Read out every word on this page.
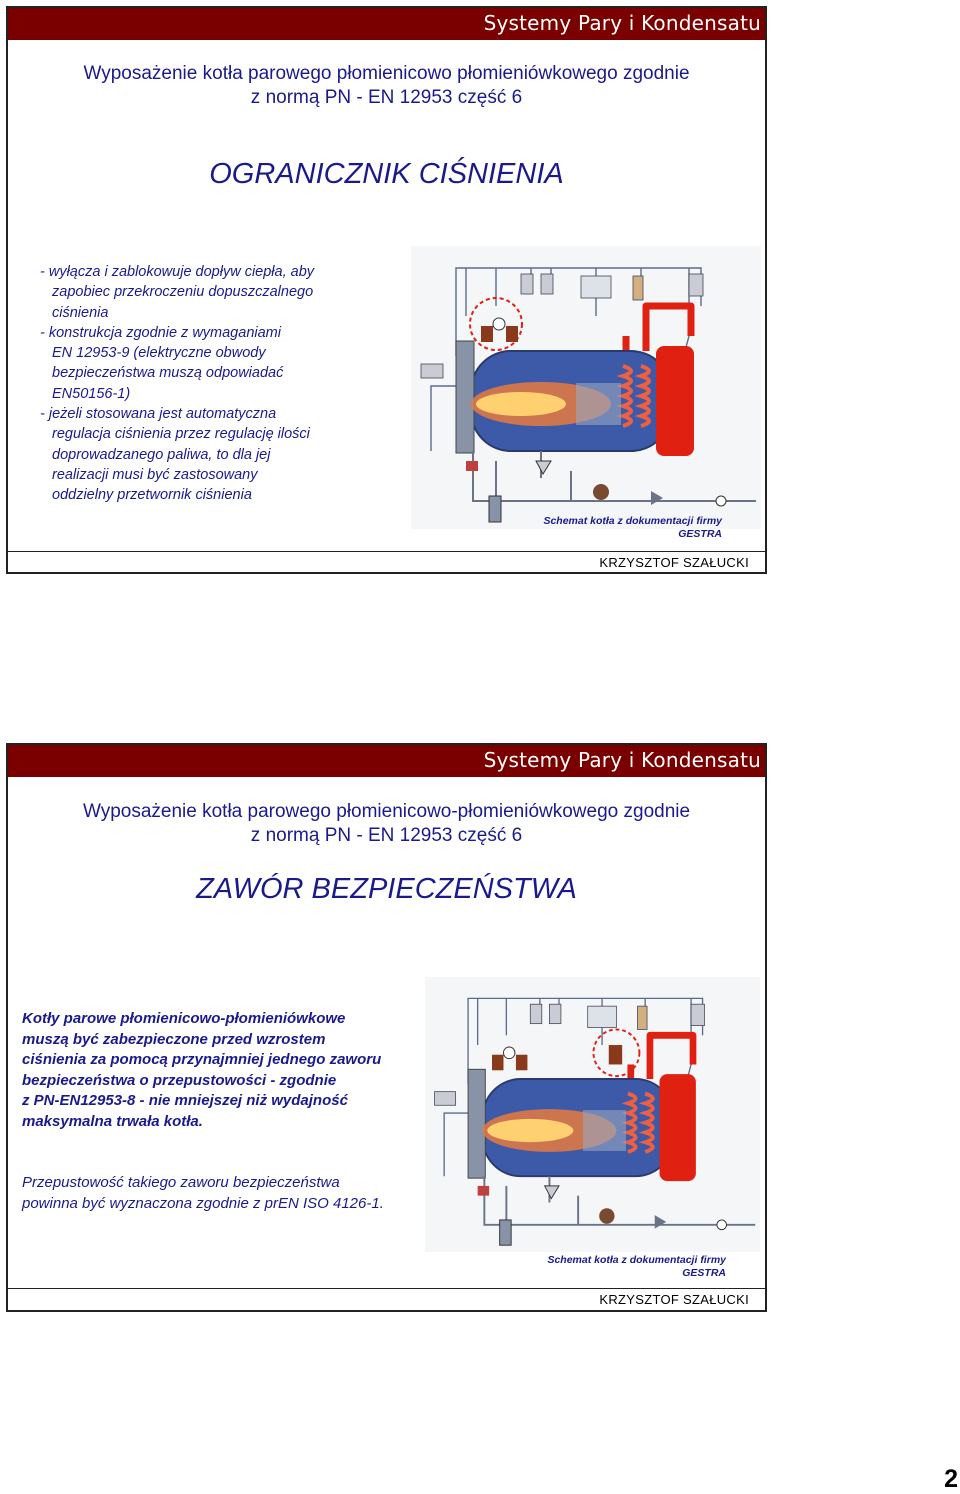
Systemy Pary i Kondensatu
Wyposażenie kotła parowego płomienicowo płomieniówkowego zgodnie
z normą PN - EN 12953 część 6
OGRANICZNIK CIŚNIENIA

- wyłącza i zablokowuje dopływ ciepła, aby

zapobiec przekroczeniu dopuszczalnego

ciśnienia

- konstrukcja zgodnie z wymaganiami

EN 12953-9 (elektryczne obwody

bezpieczeństwa muszą odpowiadać

EN50156-1)

- jeżeli stosowana jest automatyczna

regulacja ciśnienia przez regulację ilości

doprowadzanego paliwa, to dla jej

realizacji musi być zastosowany

oddzielny przetwornik ciśnienia

Schemat kotła z dokumentacji firmy
GESTRA
KRZYSZTOF SZAŁUCKI
Systemy Pary i Kondensatu
Wyposażenie kotła parowego płomienicowo-płomieniówkowego zgodnie
z normą PN - EN 12953 część 6
ZAWÓR BEZPIECZEŃSTWA
Kotły parowe płomienicowo-płomieniówkowe
muszą być zabezpieczone przed wzrostem
ciśnienia za pomocą przynajmniej jednego zaworu
bezpieczeństwa o przepustowości - zgodnie
z PN-EN12953-8 - nie mniejszej niż wydajność
maksymalna trwała kotła.
Przepustowość takiego zaworu bezpieczeństwa
powinna być wyznaczona zgodnie z prEN ISO 4126-1.
Schemat kotła z dokumentacji firmy
GESTRA
KRZYSZTOF SZAŁUCKI
2
